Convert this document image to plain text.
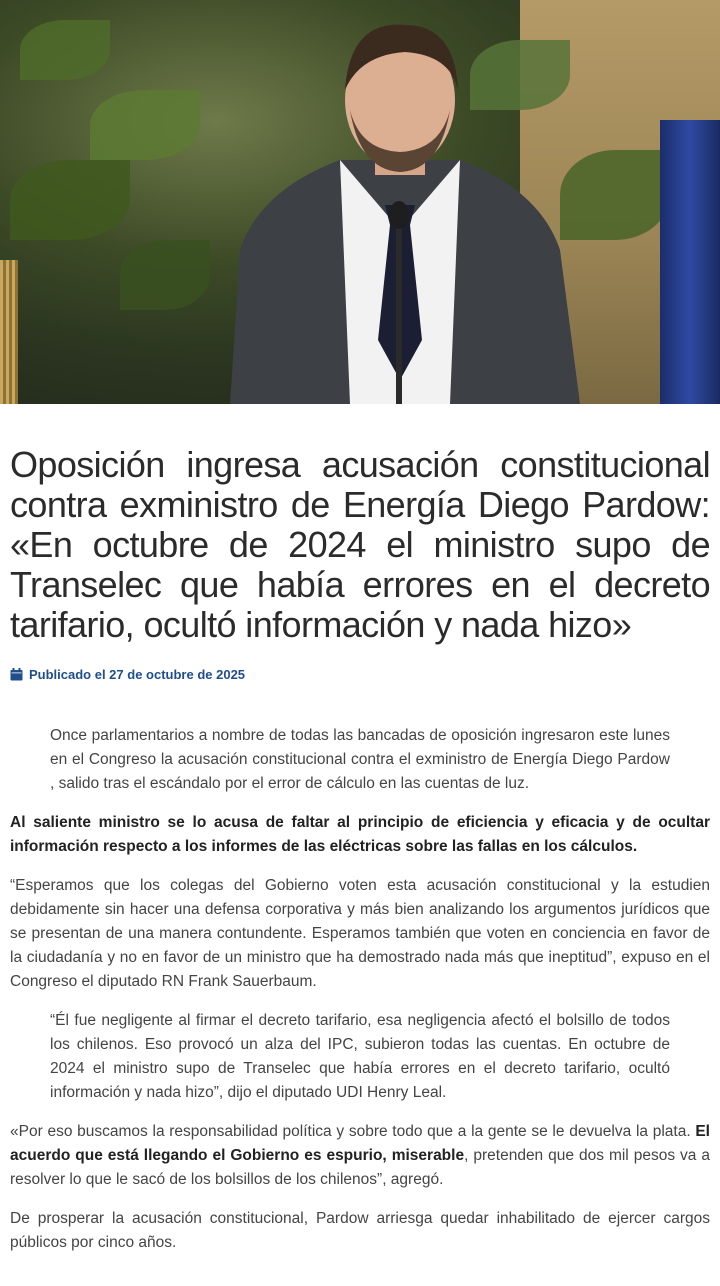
Oposición ingresa acusación constitucional contra exministro de Energía Diego Pardow: «En octubre de 2024 el ministro supo de Transelec que había errores en el decreto tarifario, ocultó información y nada hizo»
Publicado el 27 de octubre de 2025

Once parlamentarios a nombre de todas las bancadas de oposición ingresaron este lunes en el Congreso la acusación constitucional contra el exministro de Energía Diego Pardow , salido tras el escándalo por el error de cálculo en las cuentas de luz.

Al saliente ministro se lo acusa de faltar al principio de eficiencia y eficacia y de ocultar información respecto a los informes de las eléctricas sobre las fallas en los cálculos.

“Esperamos que los colegas del Gobierno voten esta acusación constitucional y la estudien debidamente sin hacer una defensa corporativa y más bien analizando los argumentos jurídicos que se presentan de una manera contundente. Esperamos también que voten en conciencia en favor de la ciudadanía y no en favor de un ministro que ha demostrado nada más que ineptitud”, expuso en el Congreso el diputado RN Frank Sauerbaum.

“Él fue negligente al firmar el decreto tarifario, esa negligencia afectó el bolsillo de todos los chilenos. Eso provocó un alza del IPC, subieron todas las cuentas. En octubre de 2024 el ministro supo de Transelec que había errores en el decreto tarifario, ocultó información y nada hizo”, dijo el diputado UDI Henry Leal.

«Por eso buscamos la responsabilidad política y sobre todo que a la gente se le devuelva la plata. El acuerdo que está llegando el Gobierno es espurio, miserable, pretenden que dos mil pesos va a resolver lo que le sacó de los bolsillos de los chilenos”, agregó.

De prosperar la acusación constitucional, Pardow arriesga quedar inhabilitado de ejercer cargos públicos por cinco años.
